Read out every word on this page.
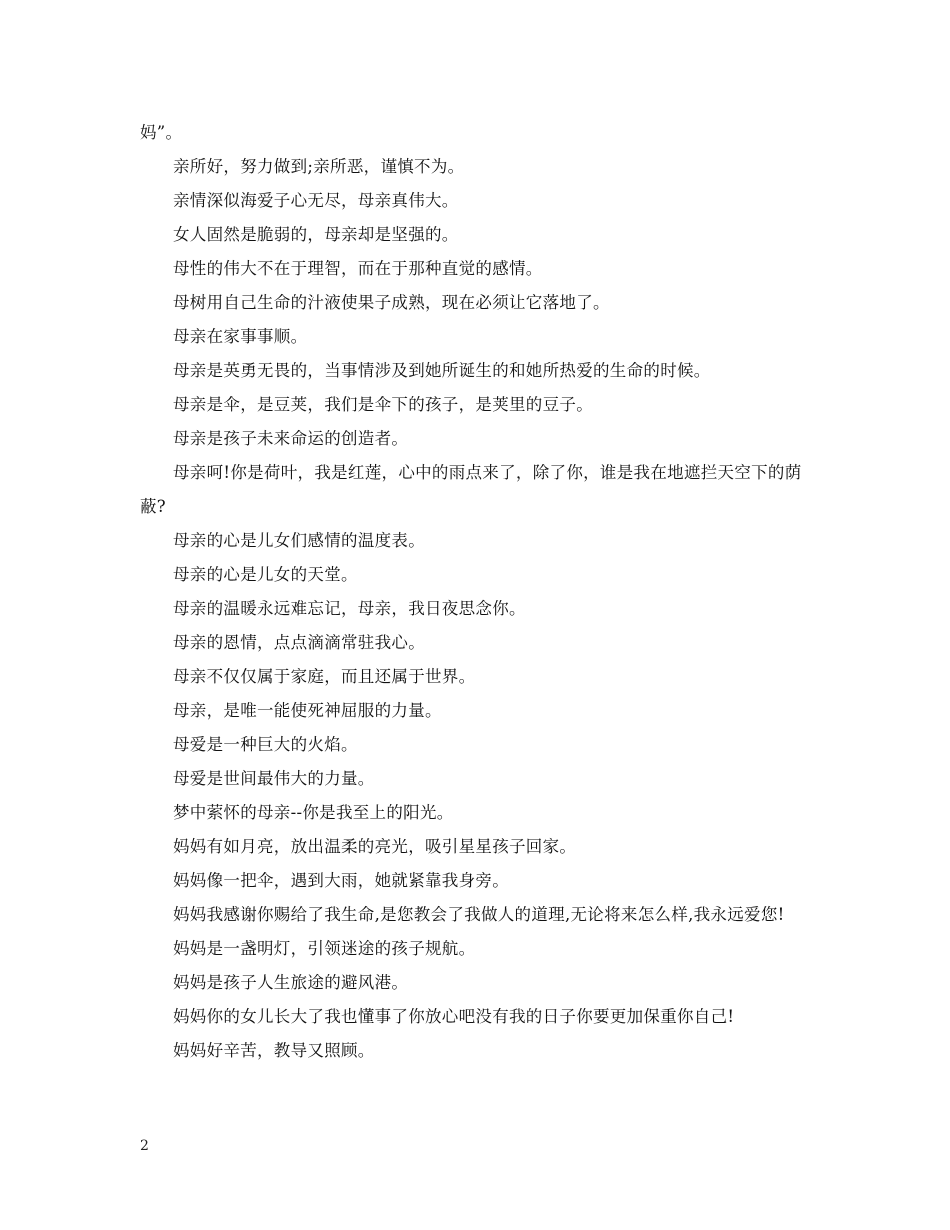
妈”。

亲所好，努力做到;亲所恶，谨慎不为。

亲情深似海爱子心无尽，母亲真伟大。

女人固然是脆弱的，母亲却是坚强的。

母性的伟大不在于理智，而在于那种直觉的感情。

母树用自己生命的汁液使果子成熟，现在必须让它落地了。

母亲在家事事顺。

母亲是英勇无畏的，当事情涉及到她所诞生的和她所热爱的生命的时候。

母亲是伞，是豆荚，我们是伞下的孩子，是荚里的豆子。

母亲是孩子未来命运的创造者。

母亲呵!你是荷叶，我是红莲，心中的雨点来了，除了你，谁是我在地遮拦天空下的荫蔽?

母亲的心是儿女们感情的温度表。

母亲的心是儿女的天堂。

母亲的温暖永远难忘记，母亲，我日夜思念你。

母亲的恩情，点点滴滴常驻我心。

母亲不仅仅属于家庭，而且还属于世界。

母亲，是唯一能使死神屈服的力量。

母爱是一种巨大的火焰。

母爱是世间最伟大的力量。

梦中萦怀的母亲--你是我至上的阳光。

妈妈有如月亮，放出温柔的亮光，吸引星星孩子回家。

妈妈像一把伞，遇到大雨，她就紧靠我身旁。

妈妈我感谢你赐给了我生命,是您教会了我做人的道理,无论将来怎么样,我永远爱您!

妈妈是一盏明灯，引领迷途的孩子规航。

妈妈是孩子人生旅途的避风港。

妈妈你的女儿长大了我也懂事了你放心吧没有我的日子你要更加保重你自己!

妈妈好辛苦，教导又照顾。

2
